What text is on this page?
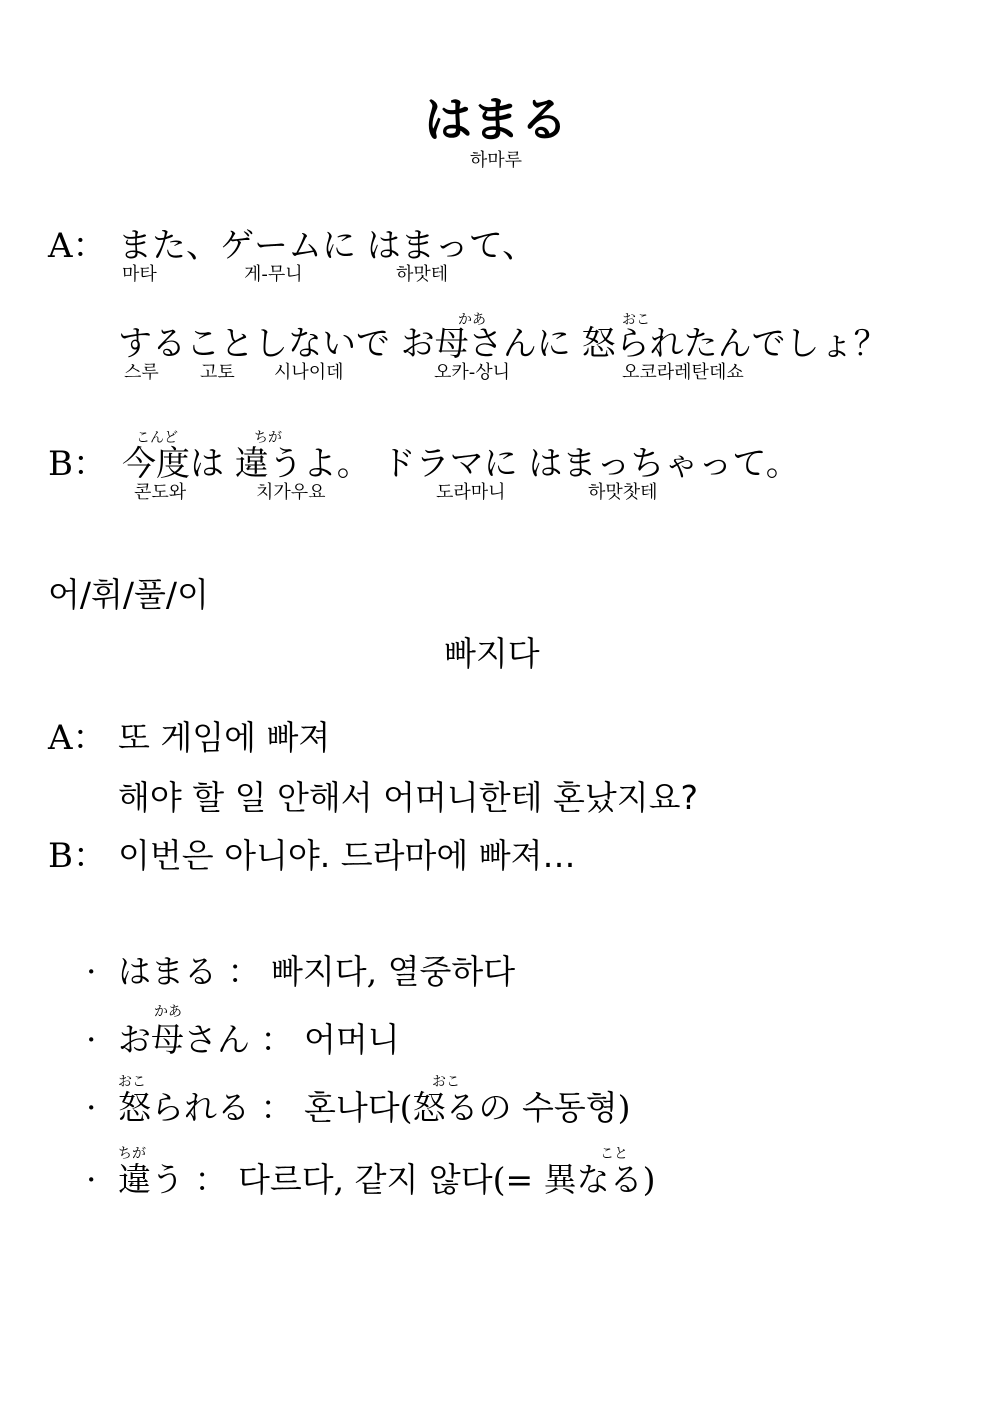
はまる
하마루
A： また、ゲームに はまって、
마타	게-무니	하맛테
かあ	おこ
することしないで お母さんに 怒られたんでしょ？
스루 고토 시나이데	오카-상니	오코라레탄데쇼
こんど	ちが
B： 今度は 違うよ。 ドラマに はまっちゃって。
콘도와	치가우요	도라마니	하맛찻테
어/휘/풀/이
빠지다
A： 또 게임에 빠져
해야 할 일 안해서 어머니한테 혼났지요?
B： 이번은 아니야. 드라마에 빠져…
· はまる ： 빠지다, 열중하다
かあ
· お母さん ： 어머니
おこ	おこ
· 怒られる ： 혼나다(怒るの 수동형)
ちが	こと
· 違う ： 다르다, 같지 않다(= 異なる)
